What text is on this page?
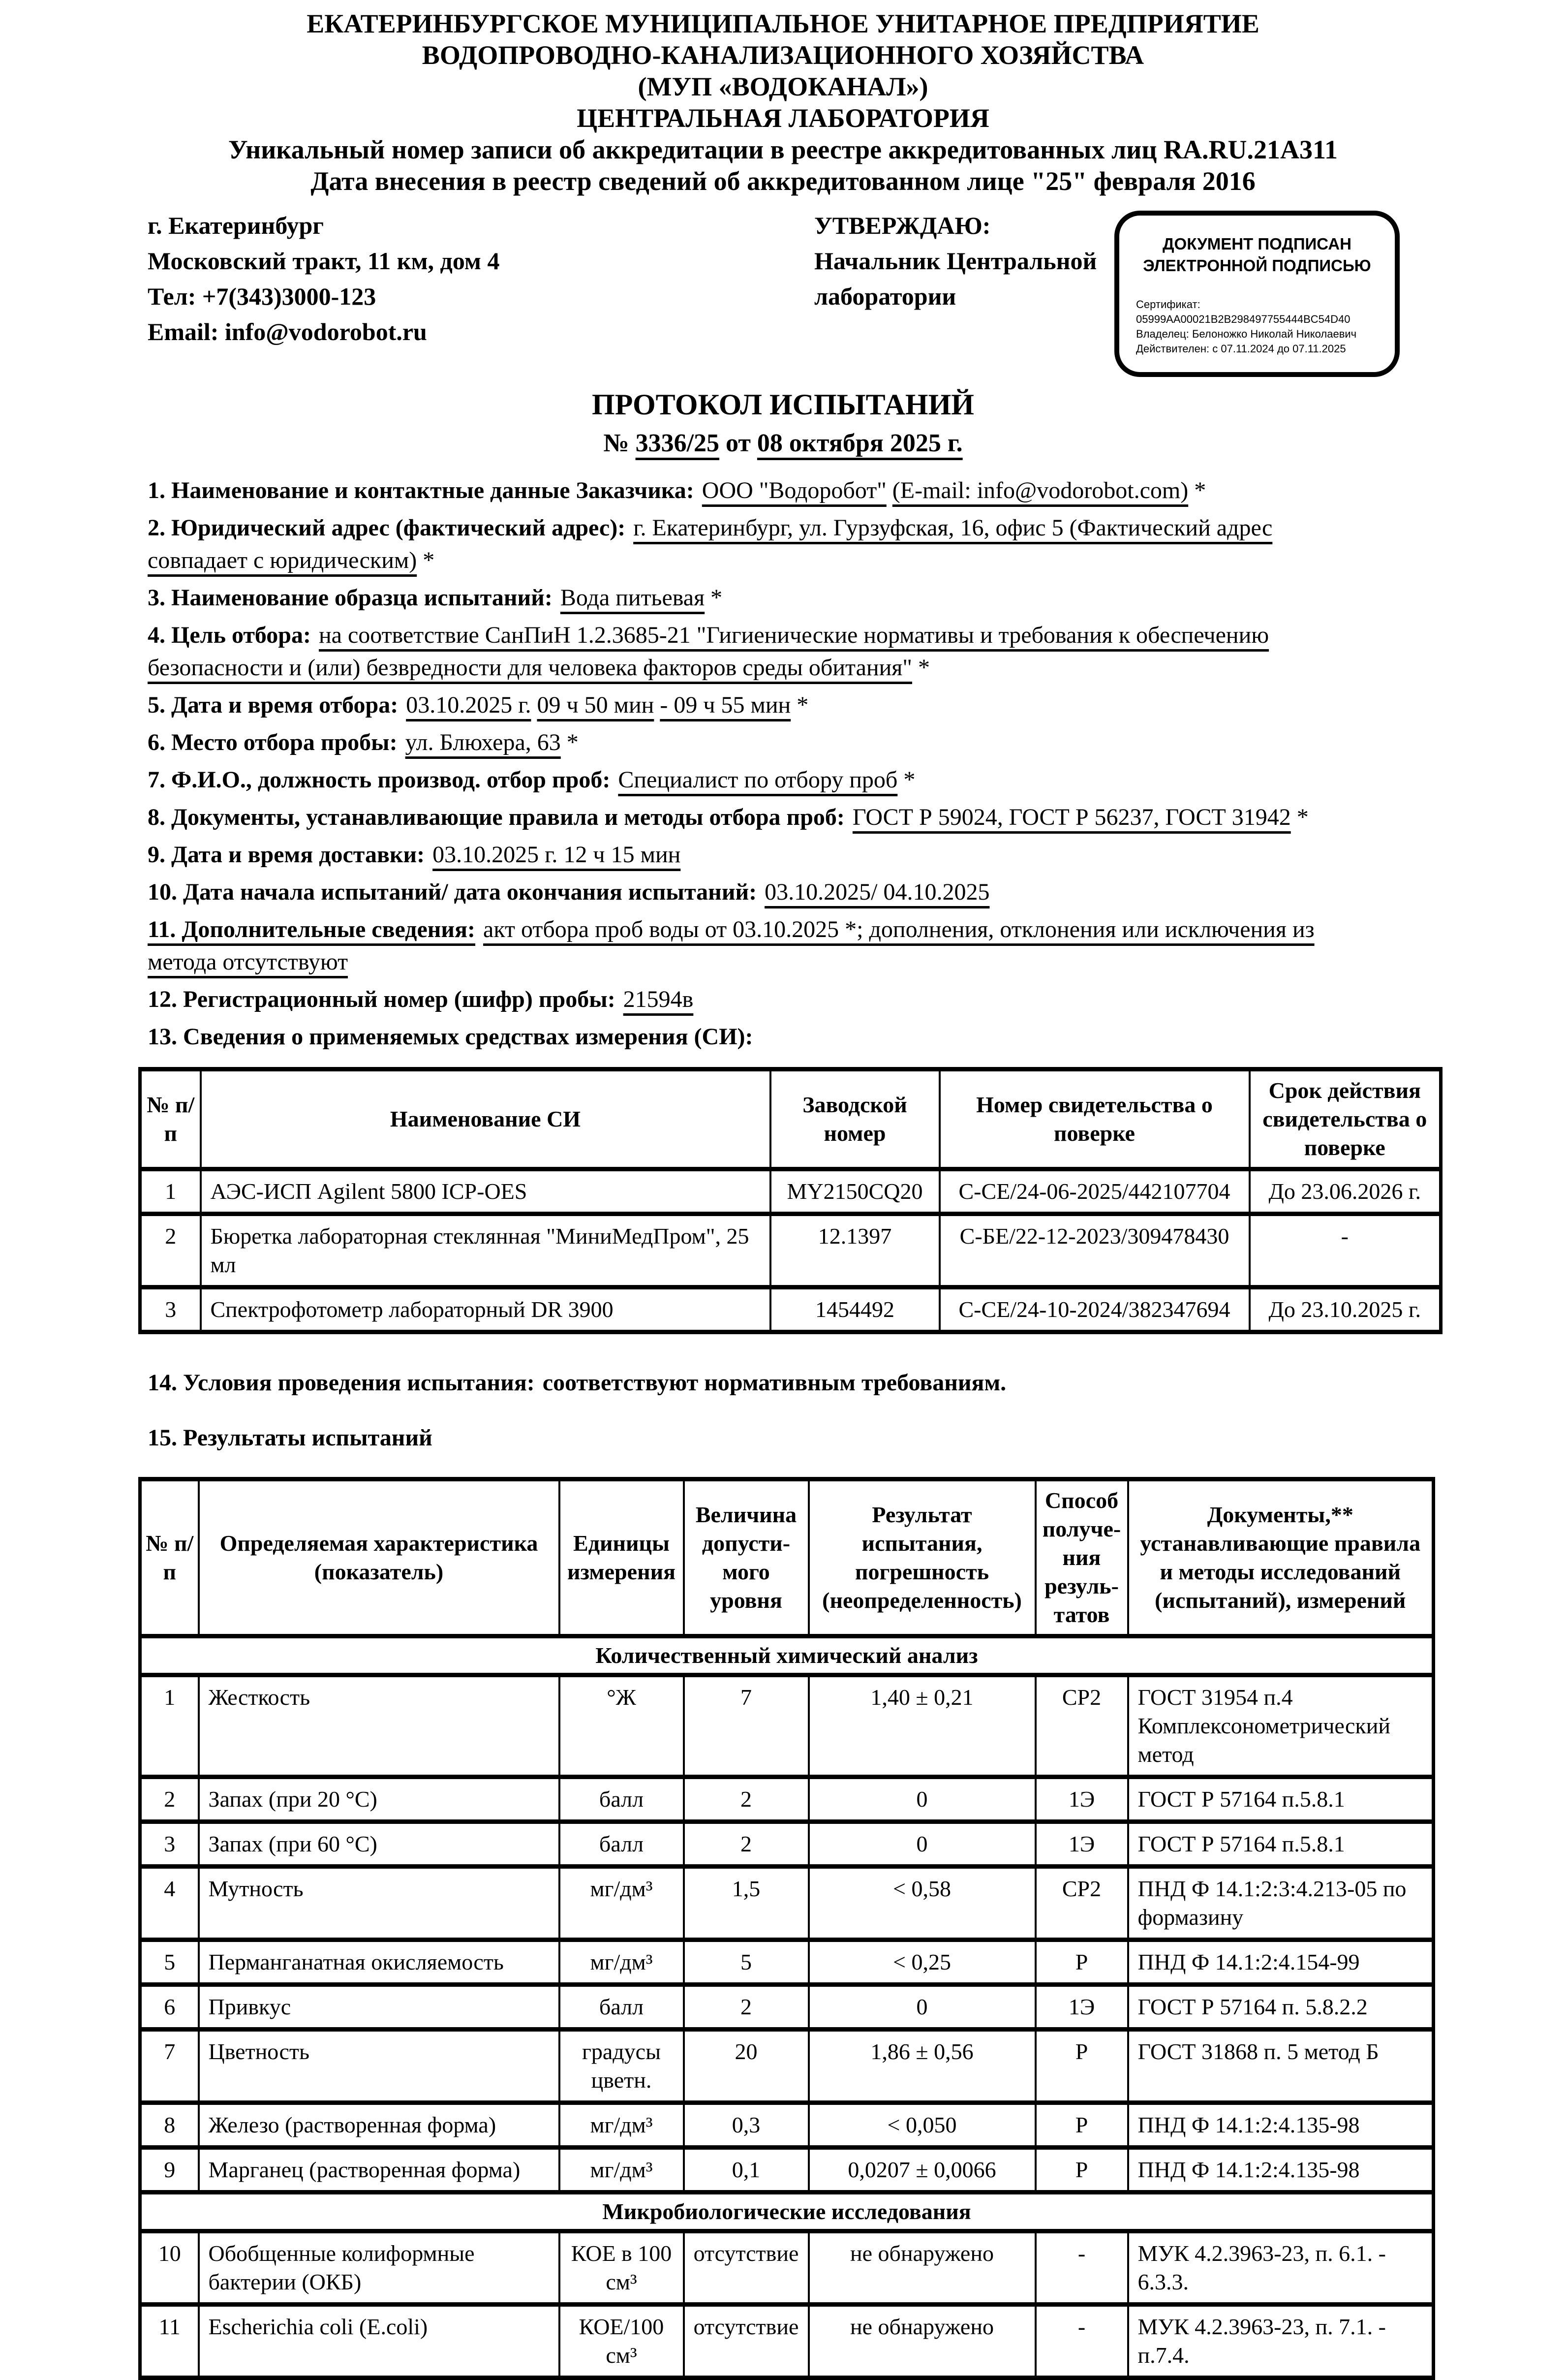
ЕКАТЕРИНБУРГСКОЕ МУНИЦИПАЛЬНОЕ УНИТАРНОЕ ПРЕДПРИЯТИЕ

ВОДОПРОВОДНО-КАНАЛИЗАЦИОННОГО ХОЗЯЙСТВА

(МУП «ВОДОКАНАЛ»)

ЦЕНТРАЛЬНАЯ ЛАБОРАТОРИЯ

Уникальный номер записи об аккредитации в реестре аккредитованных лиц RA.RU.21А311

Дата внесения в реестр сведений об аккредитованном лице "25" февраля 2016

г. Екатеринбург

Московский тракт, 11 км, дом 4

Тел: +7(343)3000-123

Email: info@vodorobot.ru

УТВЕРЖДАЮ:

Начальник Центральной

лаборатории

ДОКУМЕНТ ПОДПИСАН

ЭЛЕКТРОННОЙ ПОДПИСЬЮ

Сертификат: 05999AA00021B2B298497755444BC54D40

Владелец: Белоножко Николай Николаевич

Действителен: с 07.11.2024 до 07.11.2025

ПРОТОКОЛ ИСПЫТАНИЙ
№ 3336/25 от 08 октября 2025 г.

1. Наименование и контактные данные Заказчика: ООО "Водоробот" (E-mail: info@vodorobot.com) *

2. Юридический адрес (фактический адрес): г. Екатеринбург, ул. Гурзуфская, 16, офис 5 (Фактический адрес
совпадает с юридическим) *

3. Наименование образца испытаний: Вода питьевая *

4. Цель отбора: на соответствие СанПиН 1.2.3685-21 "Гигиенические нормативы и требования к обеспечению
безопасности и (или) безвредности для человека факторов среды обитания" *

5. Дата и время отбора: 03.10.2025 г. 09 ч 50 мин - 09 ч 55 мин *

6. Место отбора пробы: ул. Блюхера, 63 *

7. Ф.И.О., должность производ. отбор проб: Специалист по отбору проб *

8. Документы, устанавливающие правила и методы отбора проб: ГОСТ Р 59024, ГОСТ Р 56237, ГОСТ 31942 *

9. Дата и время доставки: 03.10.2025 г. 12 ч 15 мин

10. Дата начала испытаний/ дата окончания испытаний: 03.10.2025/ 04.10.2025

11. Дополнительные сведения: акт отбора проб воды от 03.10.2025 *; дополнения, отклонения или исключения из
метода отсутствуют

12. Регистрационный номер (шифр) пробы: 21594в

13. Сведения о применяемых средствах измерения (СИ):

№ п/п	Наименование СИ	Заводской номер	Номер свидетельства о поверке	Срок действия свидетельства о поверке
1	АЭС-ИСП Agilent 5800 ICP-OES	MY2150CQ20	С-СЕ/24-06-2025/442107704	До 23.06.2026 г.
2	Бюретка лабораторная стеклянная "МиниМедПром", 25 мл	12.1397	С-БЕ/22-12-2023/309478430	-
3	Спектрофотометр лабораторный DR 3900	1454492	С-СЕ/24-10-2024/382347694	До 23.10.2025 г.

14. Условия проведения испытания: соответствуют нормативным требованиям.

15. Результаты испытаний

№ п/п	Определяемая характеристика (показатель)	Единицы измерения	Величина допусти-мого уровня	Результат испытания, погрешность (неопределенность)	Способ получе-ния резуль-татов	Документы,** устанавливающие правила и методы исследований (испытаний), измерений
Количественный химический анализ						
1	Жесткость	°Ж	7	1,40 ± 0,21	СР2	ГОСТ 31954 п.4 Комплексонометрический метод
2	Запах (при 20 °С)	балл	2	0	1Э	ГОСТ Р 57164 п.5.8.1
3	Запах (при 60 °С)	балл	2	0	1Э	ГОСТ Р 57164 п.5.8.1
4	Мутность	мг/дм³	1,5	< 0,58	СР2	ПНД Ф 14.1:2:3:4.213-05 по формазину
5	Перманганатная окисляемость	мг/дм³	5	< 0,25	Р	ПНД Ф 14.1:2:4.154-99
6	Привкус	балл	2	0	1Э	ГОСТ Р 57164 п. 5.8.2.2
7	Цветность	градусы цветн.	20	1,86 ± 0,56	Р	ГОСТ 31868 п. 5 метод Б
8	Железо (растворенная форма)	мг/дм³	0,3	< 0,050	Р	ПНД Ф 14.1:2:4.135-98
9	Марганец (растворенная форма)	мг/дм³	0,1	0,0207 ± 0,0066	Р	ПНД Ф 14.1:2:4.135-98
Микробиологические исследования						
10	Обобщенные колиформные бактерии (ОКБ)	КОЕ в 100 см³	отсутствие	не обнаружено	-	МУК 4.2.3963-23, п. 6.1. - 6.3.3.
11	Escherichia coli (E.coli)	КОЕ/100 см³	отсутствие	не обнаружено	-	МУК 4.2.3963-23, п. 7.1. - п.7.4.
